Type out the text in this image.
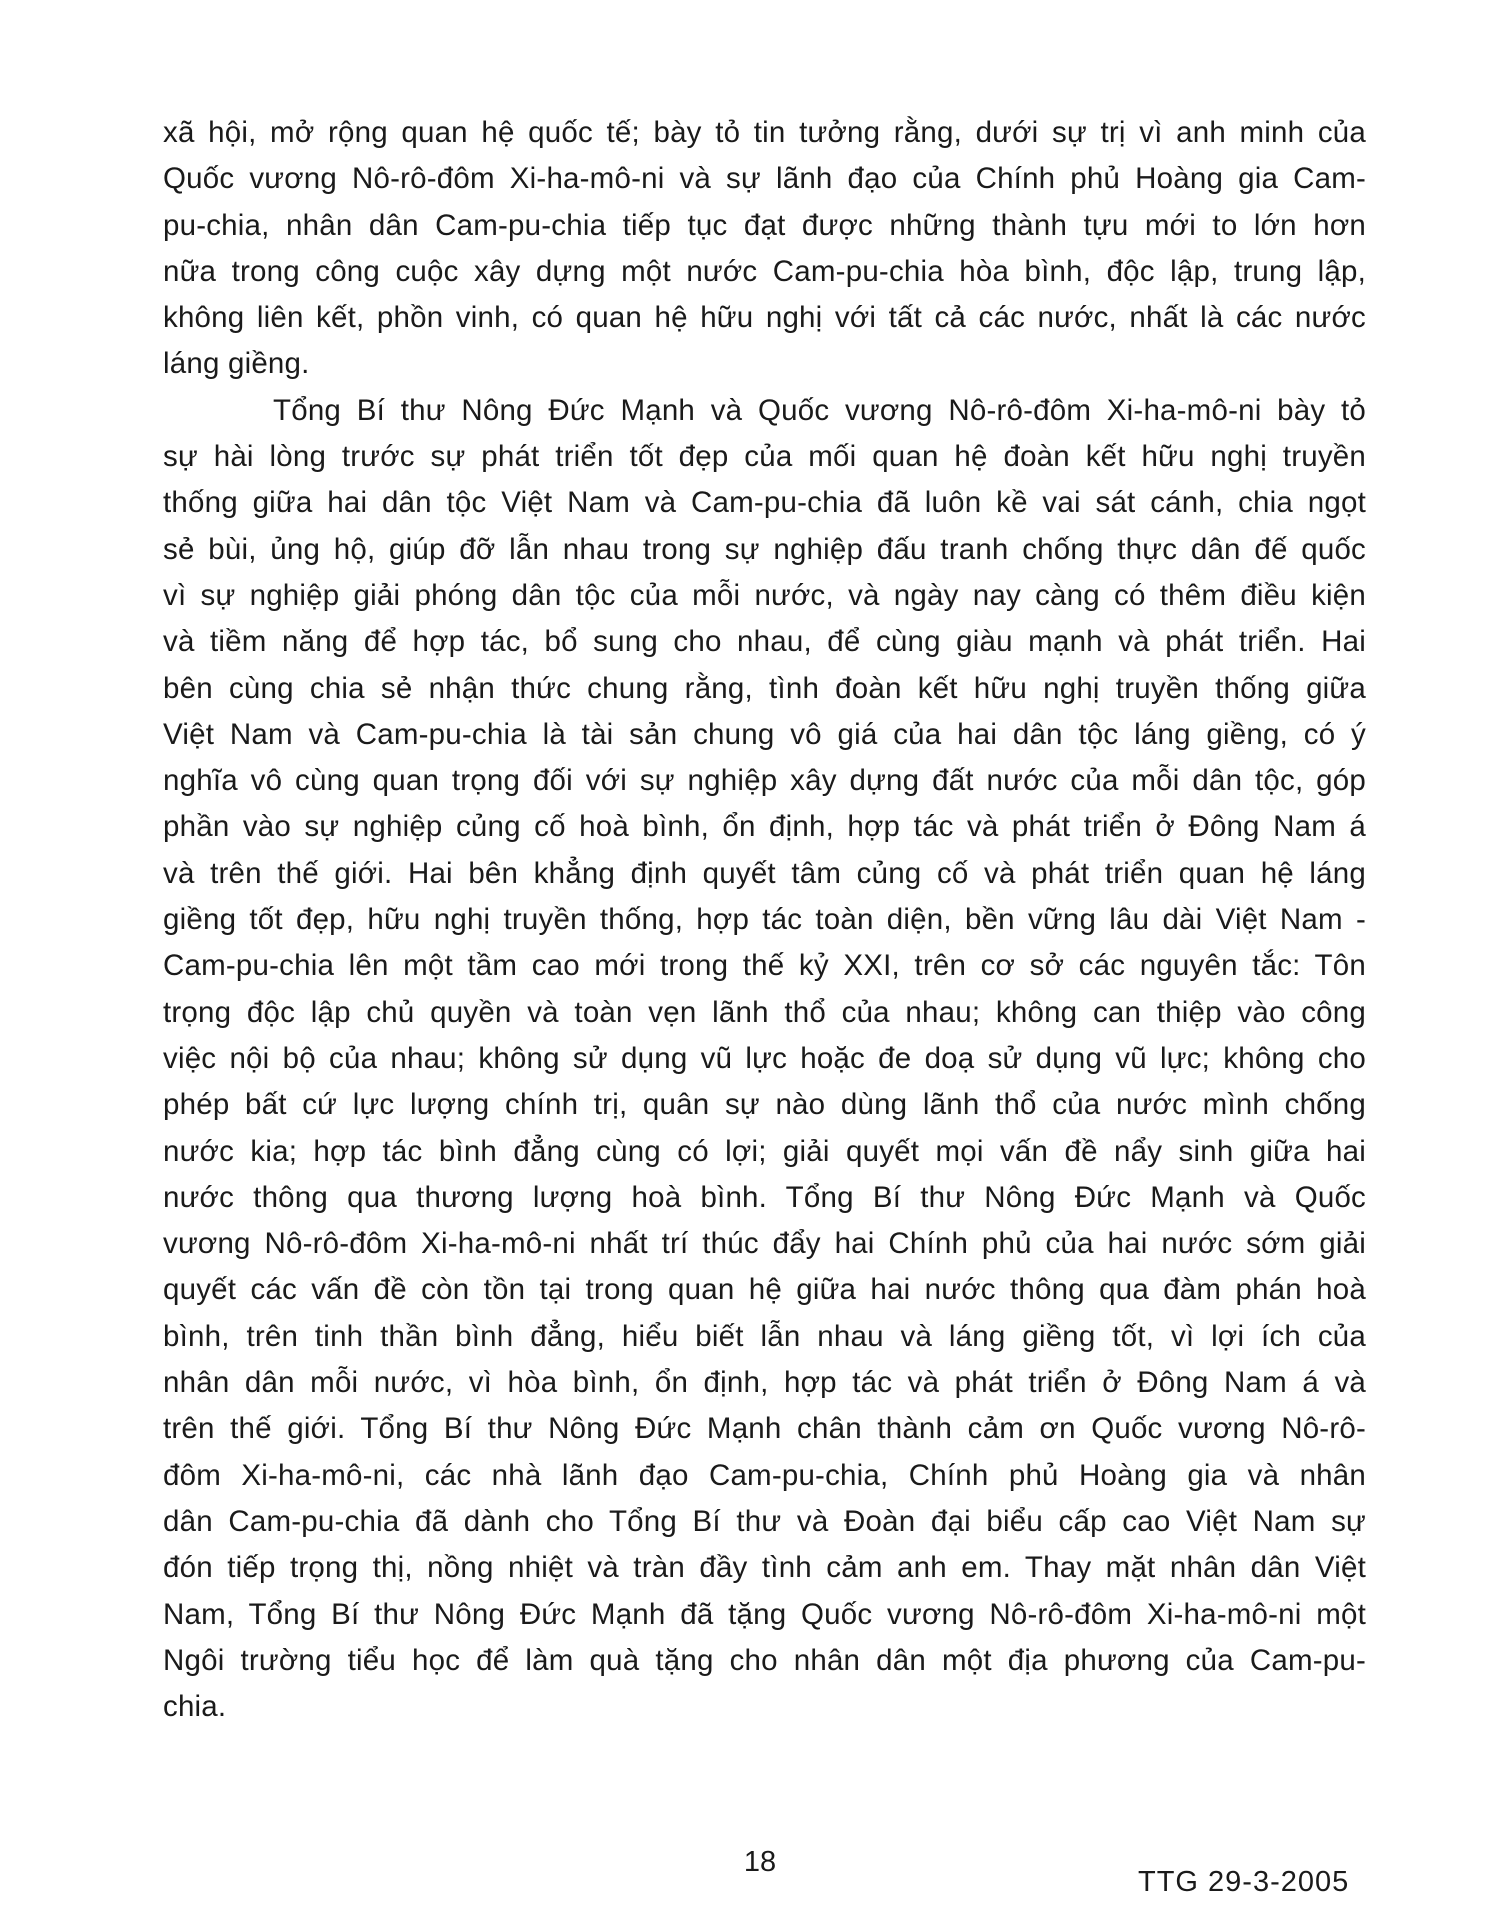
xã hội, mở rộng quan hệ quốc tế; bày tỏ tin tưởng rằng, dưới sự trị vì anh minh của
Quốc vương Nô-rô-đôm Xi-ha-mô-ni và sự lãnh đạo của Chính phủ Hoàng gia Cam-
pu-chia, nhân dân Cam-pu-chia tiếp tục đạt được những thành tựu mới to lớn hơn
nữa trong công cuộc xây dựng một nước Cam-pu-chia hòa bình, độc lập, trung lập,
không liên kết, phồn vinh, có quan hệ hữu nghị với tất cả các nước, nhất là các nước
láng giềng.
Tổng Bí thư Nông Đức Mạnh và Quốc vương Nô-rô-đôm Xi-ha-mô-ni bày tỏ
sự hài lòng trước sự phát triển tốt đẹp của mối quan hệ đoàn kết hữu nghị truyền
thống giữa hai dân tộc Việt Nam và Cam-pu-chia đã luôn kề vai sát cánh, chia ngọt
sẻ bùi, ủng hộ, giúp đỡ lẫn nhau trong sự nghiệp đấu tranh chống thực dân đế quốc
vì sự nghiệp giải phóng dân tộc của mỗi nước, và ngày nay càng có thêm điều kiện
và tiềm năng để hợp tác, bổ sung cho nhau, để cùng giàu mạnh và phát triển. Hai
bên cùng chia sẻ nhận thức chung rằng, tình đoàn kết hữu nghị truyền thống giữa
Việt Nam và Cam-pu-chia là tài sản chung vô giá của hai dân tộc láng giềng, có ý
nghĩa vô cùng quan trọng đối với sự nghiệp xây dựng đất nước của mỗi dân tộc, góp
phần vào sự nghiệp củng cố hoà bình, ổn định, hợp tác và phát triển ở Đông Nam á
và trên thế giới. Hai bên khẳng định quyết tâm củng cố và phát triển quan hệ láng
giềng tốt đẹp, hữu nghị truyền thống, hợp tác toàn diện, bền vững lâu dài Việt Nam -
Cam-pu-chia lên một tầm cao mới trong thế kỷ XXI, trên cơ sở các nguyên tắc: Tôn
trọng độc lập chủ quyền và toàn vẹn lãnh thổ của nhau; không can thiệp vào công
việc nội bộ của nhau; không sử dụng vũ lực hoặc đe doạ sử dụng vũ lực; không cho
phép bất cứ lực lượng chính trị, quân sự nào dùng lãnh thổ của nước mình chống
nước kia; hợp tác bình đẳng cùng có lợi; giải quyết mọi vấn đề nẩy sinh giữa hai
nước thông qua thương lượng hoà bình. Tổng Bí thư Nông Đức Mạnh và Quốc
vương Nô-rô-đôm Xi-ha-mô-ni nhất trí thúc đẩy hai Chính phủ của hai nước sớm giải
quyết các vấn đề còn tồn tại trong quan hệ giữa hai nước thông qua đàm phán hoà
bình, trên tinh thần bình đẳng, hiểu biết lẫn nhau và láng giềng tốt, vì lợi ích của
nhân dân mỗi nước, vì hòa bình, ổn định, hợp tác và phát triển ở Đông Nam á và
trên thế giới. Tổng Bí thư Nông Đức Mạnh chân thành cảm ơn Quốc vương Nô-rô-
đôm Xi-ha-mô-ni, các nhà lãnh đạo Cam-pu-chia, Chính phủ Hoàng gia và nhân
dân Cam-pu-chia đã dành cho Tổng Bí thư và Đoàn đại biểu cấp cao Việt Nam sự
đón tiếp trọng thị, nồng nhiệt và tràn đầy tình cảm anh em. Thay mặt nhân dân Việt
Nam, Tổng Bí thư Nông Đức Mạnh đã tặng Quốc vương Nô-rô-đôm Xi-ha-mô-ni một
Ngôi trường tiểu học để làm quà tặng cho nhân dân một địa phương của Cam-pu-
chia.
18
TTG 29-3-2005
